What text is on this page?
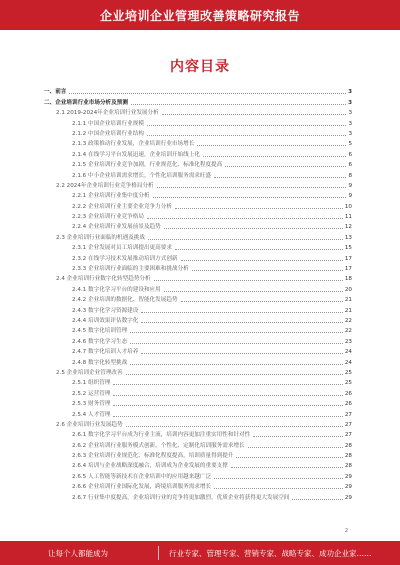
企业培训企业管理改善策略研究报告
内容目录
一、前言	3
二、企业培训行业市场分析及预测	3
2.1 2019-2024年企业培训行业发展分析	3
2.1.1 中国企业培训行业规模	3
2.1.2 中国企业培训行业结构	3
2.1.3 政策推动行业发展，企业培训行业市场增长	5
2.1.4 在线学习平台发展迅速，企业培训开始线上化	6
2.1.5 企业培训行业竞争加剧，行业规范化、标准化程度提高	6
2.1.6 中小企业培训需求增长，个性化培训服务需求旺盛	8
2.2 2024年企业培训行业竞争格局分析	9
2.2.1 企业培训行业集中度分析	9
2.2.2 企业培训行业主要企业竞争力分析	10
2.2.3 企业培训行业竞争格局	11
2.2.4 企业培训行业发展前景及趋势	12
2.3 企业培训行业面临的机遇及挑战	13
2.3.1 企业发展对员工培训提出更高要求	15
2.3.2 在线学习技术发展推动培训方式创新	17
2.3.3 企业培训行业面临的主要困难和挑战分析	17
2.4 企业培训行业数字化转型趋势分析	18
2.4.1 数字化学习平台的建设和应用	20
2.4.2 企业培训的数据化、智能化发展趋势	21
2.4.3 数字化学习资源建设	21
2.4.4 培训效果评估数字化	22
2.4.5 数字化培训管理	22
2.4.6 数字化学习生态	23
2.4.7 数字化培训人才培养	24
2.4.8 数字化转型挑战	24
2.5 企业培训企业管理改善	25
2.5.1 组织管理	25
2.5.2 运营管理	26
2.5.3 财务管理	26
2.5.4 人才管理	27
2.6 企业培训行业发展趋势	27
2.6.1 数字化学习平台成为行业主流，培训内容更加注重实用性和针对性	27
2.6.2 企业培训行业服务模式创新，个性化、定制化培训服务需求增长	28
2.6.3 企业培训行业规范化、标准化程度提高，培训质量得到提升	28
2.6.4 培训与企业战略深度融合，培训成为企业发展的重要支撑	28
2.6.5 人工智能等新技术在企业培训中的应用越来越广泛	29
2.6.6 企业培训行业国际化发展，跨境培训服务需求增长	29
2.6.7 行业集中度提高，企业培训行业的竞争将更加激烈，优质企业将获得更大发展空间	29
2
让每个人都能成为	行业专家、管理专家、营销专家、战略专家、成功企业家……
